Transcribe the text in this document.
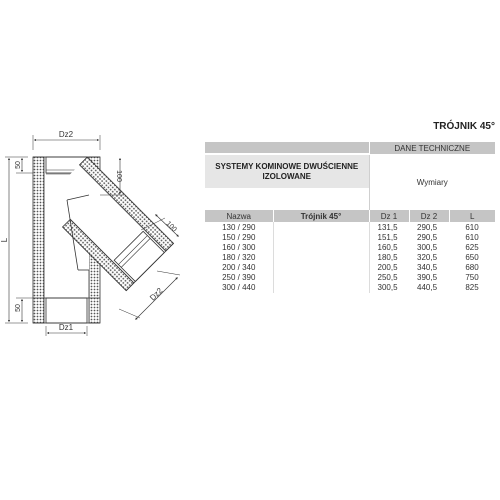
Dz2
Dz1
L
50
50
100
100
Dz2
TRÓJNIK 45°
		DANE TECHNICZNE		
SYSTEMY KOMINOWE DWUŚCIENNE IZOLOWANE		Wymiary		

Nazwa	Trójnik 45°	Dz 1	Dz 2	L
130 / 290		131,5	290,5	610
150 / 290		151,5	290,5	610
160 / 300		160,5	300,5	625
180 / 320		180,5	320,5	650
200 / 340		200,5	340,5	680
250 / 390		250,5	390,5	750
300 / 440		300,5	440,5	825
